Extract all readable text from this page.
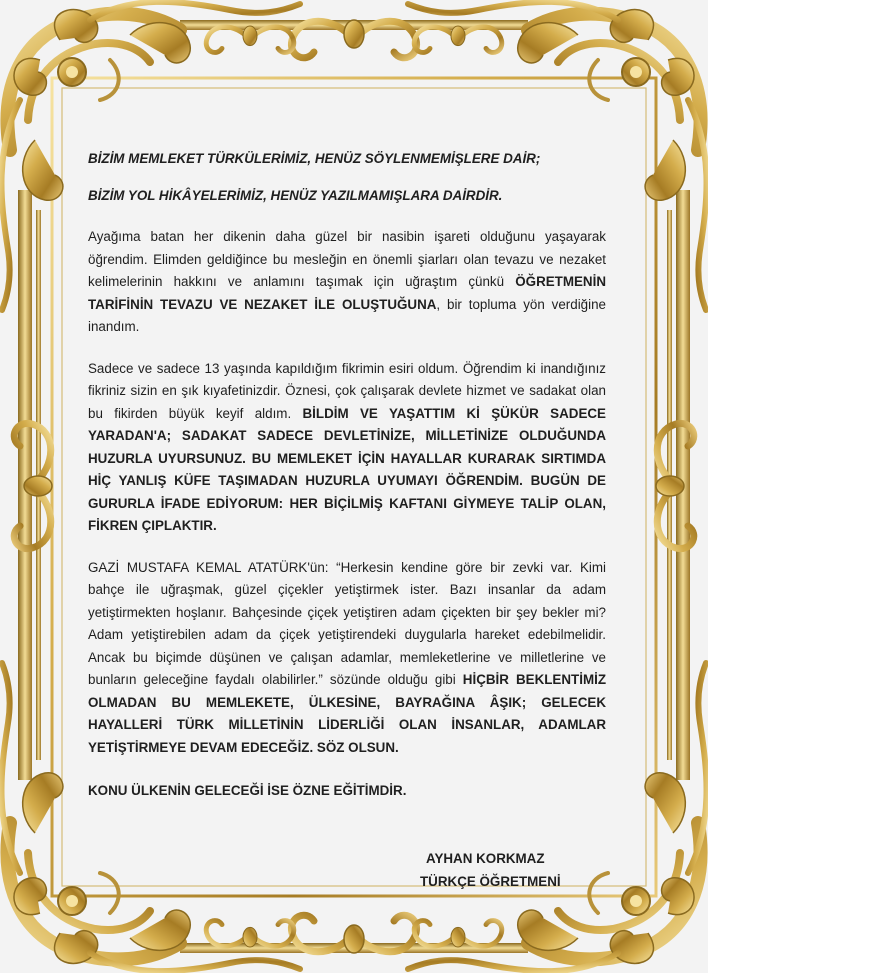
BİZİM MEMLEKET TÜRKÜLERİMİZ, HENÜZ SÖYLENMEMİŞLERE DAİR;

BİZİM YOL HİKÂYELERİMİZ, HENÜZ YAZILMAMIŞLARA DAİRDİR.

Ayağıma batan her dikenin daha güzel bir nasibin işareti olduğunu yaşayarak öğrendim. Elimden geldiğince bu mesleğin en önemli şiarları olan tevazu ve nezaket kelimelerinin hakkını ve anlamını taşımak için uğraştım çünkü ÖĞRETMENİN TARİFİNİN TEVAZU VE NEZAKET İLE OLUŞTUĞUNA, bir topluma yön verdiğine inandım.

Sadece ve sadece 13 yaşında kapıldığım fikrimin esiri oldum. Öğrendim ki inandığınız fikriniz sizin en şık kıyafetinizdir. Öznesi, çok çalışarak devlete hizmet ve sadakat olan bu fikirden büyük keyif aldım. BİLDİM VE YAŞATTIM Kİ ŞÜKÜR SADECE YARADAN'A; SADAKAT SADECE DEVLETİNİZE, MİLLETİNİZE OLDUĞUNDA HUZURLA UYURSUNUZ. BU MEMLEKET İÇİN HAYALLAR KURARAK SIRTIMDA HİÇ YANLIŞ KÜFE TAŞIMADAN HUZURLA UYUMAYI ÖĞRENDİM. BUGÜN DE GURURLA İFADE EDİYORUM: HER BİÇİLMİŞ KAFTANI GİYMEYE TALİP OLAN, FİKREN ÇIPLAKTIR.

GAZİ MUSTAFA KEMAL ATATÜRK'ün: “Herkesin kendine göre bir zevki var. Kimi bahçe ile uğraşmak, güzel çiçekler yetiştirmek ister. Bazı insanlar da adam yetiştirmekten hoşlanır. Bahçesinde çiçek yetiştiren adam çiçekten bir şey bekler mi? Adam yetiştirebilen adam da çiçek yetiştirendeki duygularla hareket edebilmelidir. Ancak bu biçimde düşünen ve çalışan adamlar, memleketlerine ve milletlerine ve bunların geleceğine faydalı olabilirler.” sözünde olduğu gibi HİÇBİR BEKLENTİMİZ OLMADAN BU MEMLEKETE, ÜLKESİNE, BAYRAĞINA ÂŞIK; GELECEK HAYALLERİ TÜRK MİLLETİNİN LİDERLİĞİ OLAN İNSANLAR, ADAMLAR YETİŞTİRMEYE DEVAM EDECEĞİZ. SÖZ OLSUN.

KONU ÜLKENİN GELECEĞİ İSE ÖZNE EĞİTİMDİR.

AYHAN KORKMAZ
TÜRKÇE ÖĞRETMENİ
